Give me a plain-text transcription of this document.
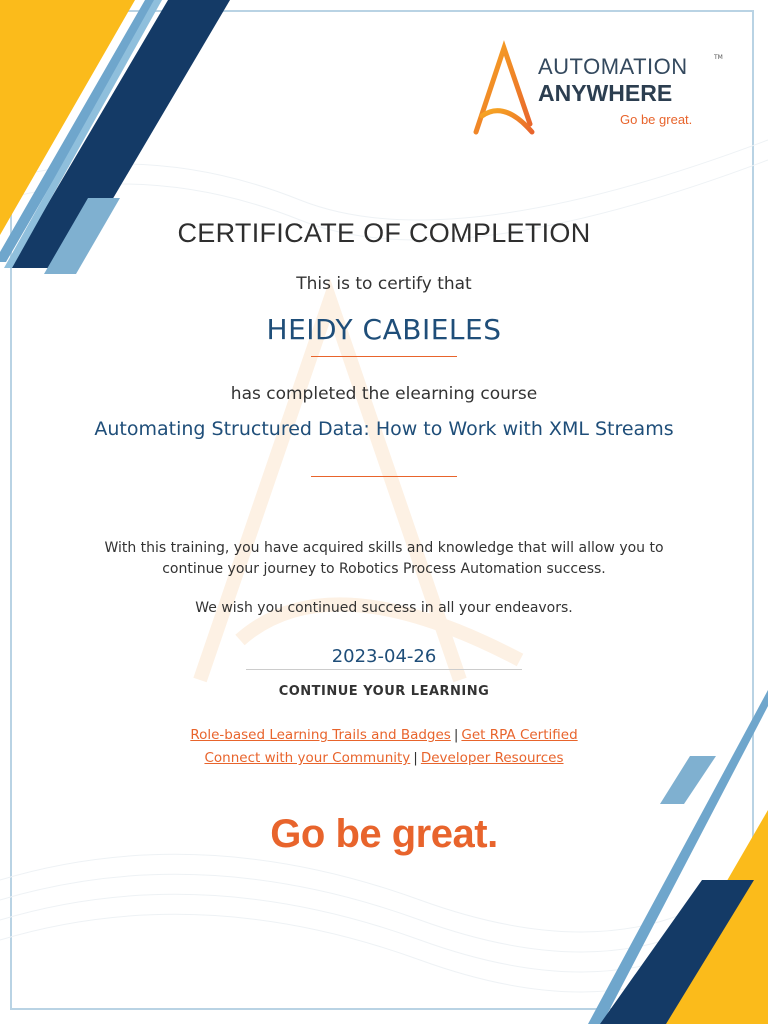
AUTOMATION	TM
ANYWHERE
Go be great.
CERTIFICATE OF COMPLETION
This is to certify that
HEIDY CABIELES
has completed the elearning course
Automating Structured Data: How to Work with XML Streams
With this training, you have acquired skills and knowledge that will allow you to
continue your journey to Robotics Process Automation success.
We wish you continued success in all your endeavors.
2023-04-26
CONTINUE YOUR LEARNING
Role-based Learning Trails and Badges | Get RPA Certified
Connect with your Community | Developer Resources
Go be great.
